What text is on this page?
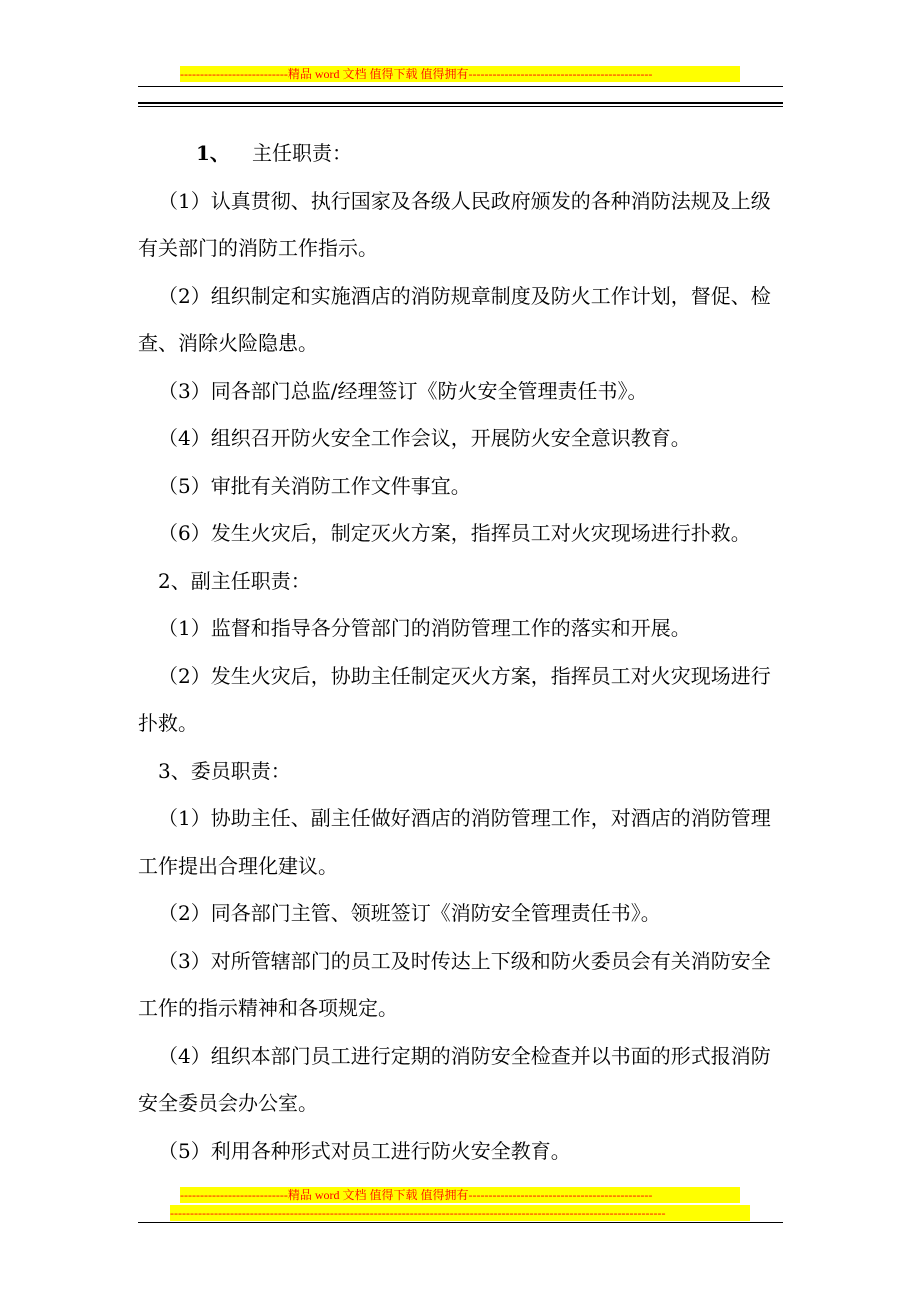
---------------------------精品 word 文档 值得下载 值得拥有----------------------------------------------

1、 主任职责：

（1）认真贯彻、执行国家及各级人民政府颁发的各种消防法规及上级有关部门的消防工作指示。

（2）组织制定和实施酒店的消防规章制度及防火工作计划，督促、检查、消除火险隐患。

（3）同各部门总监/经理签订《防火安全管理责任书》。

（4）组织召开防火安全工作会议，开展防火安全意识教育。

（5）审批有关消防工作文件事宜。

（6）发生火灾后，制定灭火方案，指挥员工对火灾现场进行扑救。

2、副主任职责：

（1）监督和指导各分管部门的消防管理工作的落实和开展。

（2）发生火灾后，协助主任制定灭火方案，指挥员工对火灾现场进行扑救。

3、委员职责：

（1）协助主任、副主任做好酒店的消防管理工作，对酒店的消防管理工作提出合理化建议。

（2）同各部门主管、领班签订《消防安全管理责任书》。

（3）对所管辖部门的员工及时传达上下级和防火委员会有关消防安全工作的指示精神和各项规定。

（4）组织本部门员工进行定期的消防安全检查并以书面的形式报消防安全委员会办公室。

（5）利用各种形式对员工进行防火安全教育。

---------------------------精品 word 文档 值得下载 值得拥有----------------------------------------------
----------------------------------------------------------------------------------------------------------------------------
